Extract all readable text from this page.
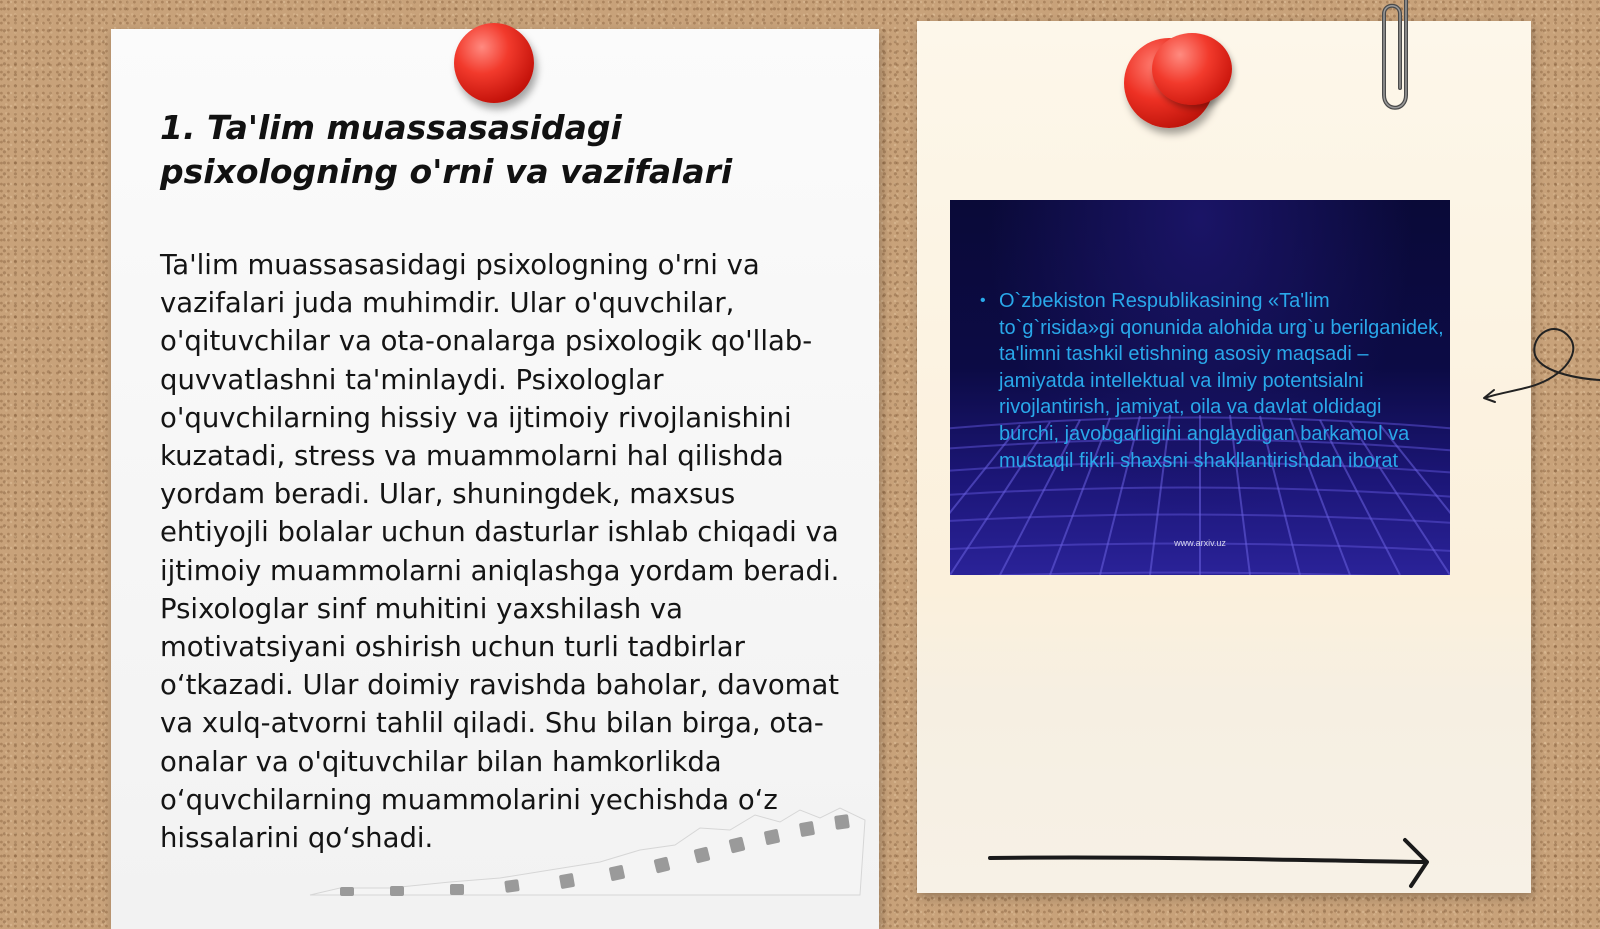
1. Ta'lim muassasasidagi psixologning o'rni va vazifalari

Ta'lim muassasasidagi psixologning o'rni va vazifalari juda muhimdir. Ular o'quvchilar, o'qituvchilar va ota-onalarga psixologik qo'llab-quvvatlashni ta'minlaydi. Psixologlar o'quvchilarning hissiy va ijtimoiy rivojlanishini kuzatadi, stress va muammolarni hal qilishda yordam beradi. Ular, shuningdek, maxsus ehtiyojli bolalar uchun dasturlar ishlab chiqadi va ijtimoiy muammolarni aniqlashga yordam beradi. Psixologlar sinf muhitini yaxshilash va motivatsiyani oshirish uchun turli tadbirlar o‘tkazadi. Ular doimiy ravishda baholar, davomat va xulq-atvorni tahlil qiladi. Shu bilan birga, ota-onalar va o'qituvchilar bilan hamkorlikda o‘quvchilarning muammolarini yechishda o‘z hissalarini qo‘shadi.

• O`zbekiston Respublikasining «Ta'lim to`g`risida»gi qonunida alohida urg`u berilganidek, ta'limni tashkil etishning asosiy maqsadi – jamiyatda intellektual va ilmiy potentsialni rivojlantirish, jamiyat, oila va davlat oldidagi burchi, javobgarligini anglaydigan barkamol va mustaqil fikrli shaxsni shakllantirishdan iborat
www.arxiv.uz
